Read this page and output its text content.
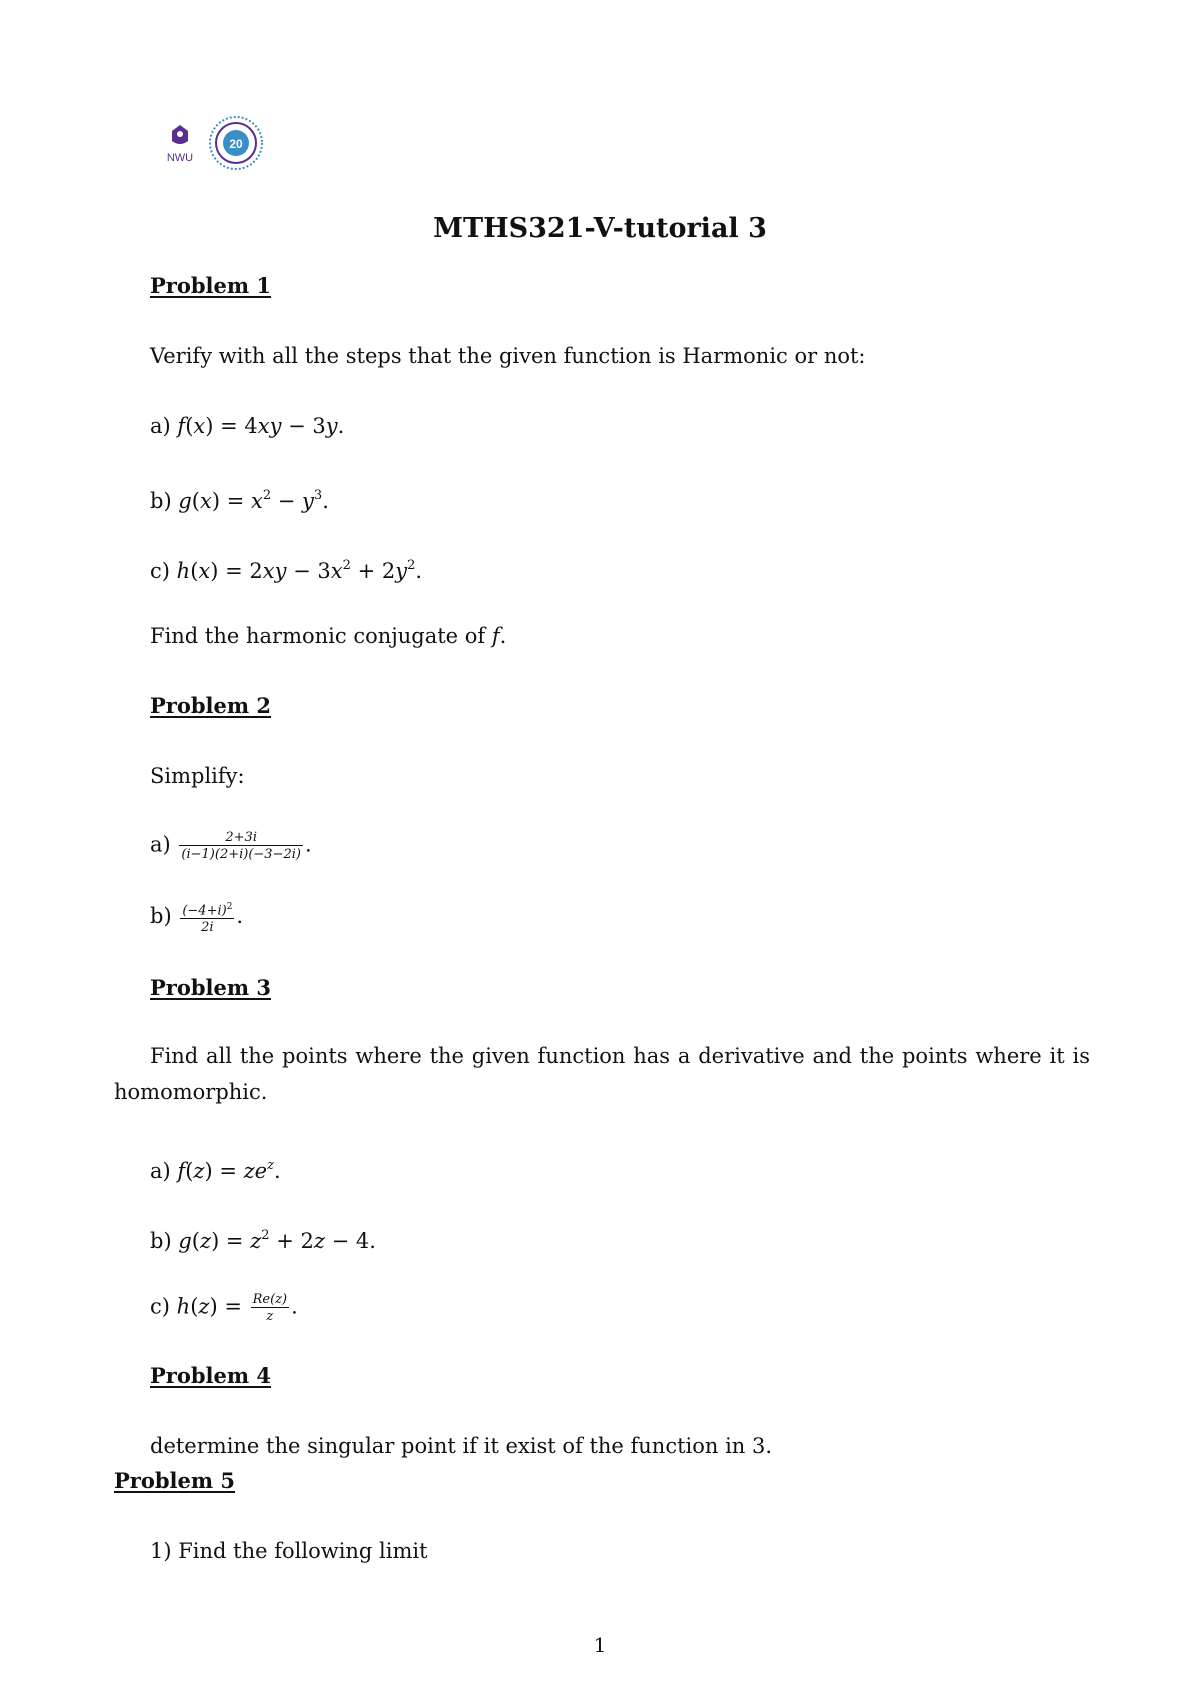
NWU
20
MTHS321-V-tutorial 3
Problem 1
Verify with all the steps that the given function is Harmonic or not:
a) f(x) = 4xy − 3y.
b) $g(x) = x^2 - y^3$.
c) $h(x) = 2xy - 3x^2 + 2y^2$.
Find the harmonic conjugate of f.
Problem 2
Simplify:
$a) \frac{2+3i}{(i-1)(2+i)(-3-2i)}$ .
$b) \frac{(-4+i)^2}{2i}$ .
Problem 3
Find all the points where the given function has a derivative and the points where it is homomorphic.
a) $f(z) = ze^z$.
b) $g(z) = z^2 + 2z - 4$.
c) $h(z) = \frac{Re(z)}{z}$ .
Problem 4
determine the singular point if it exist of the function in 3.
Problem 5
1) Find the following limit
1
